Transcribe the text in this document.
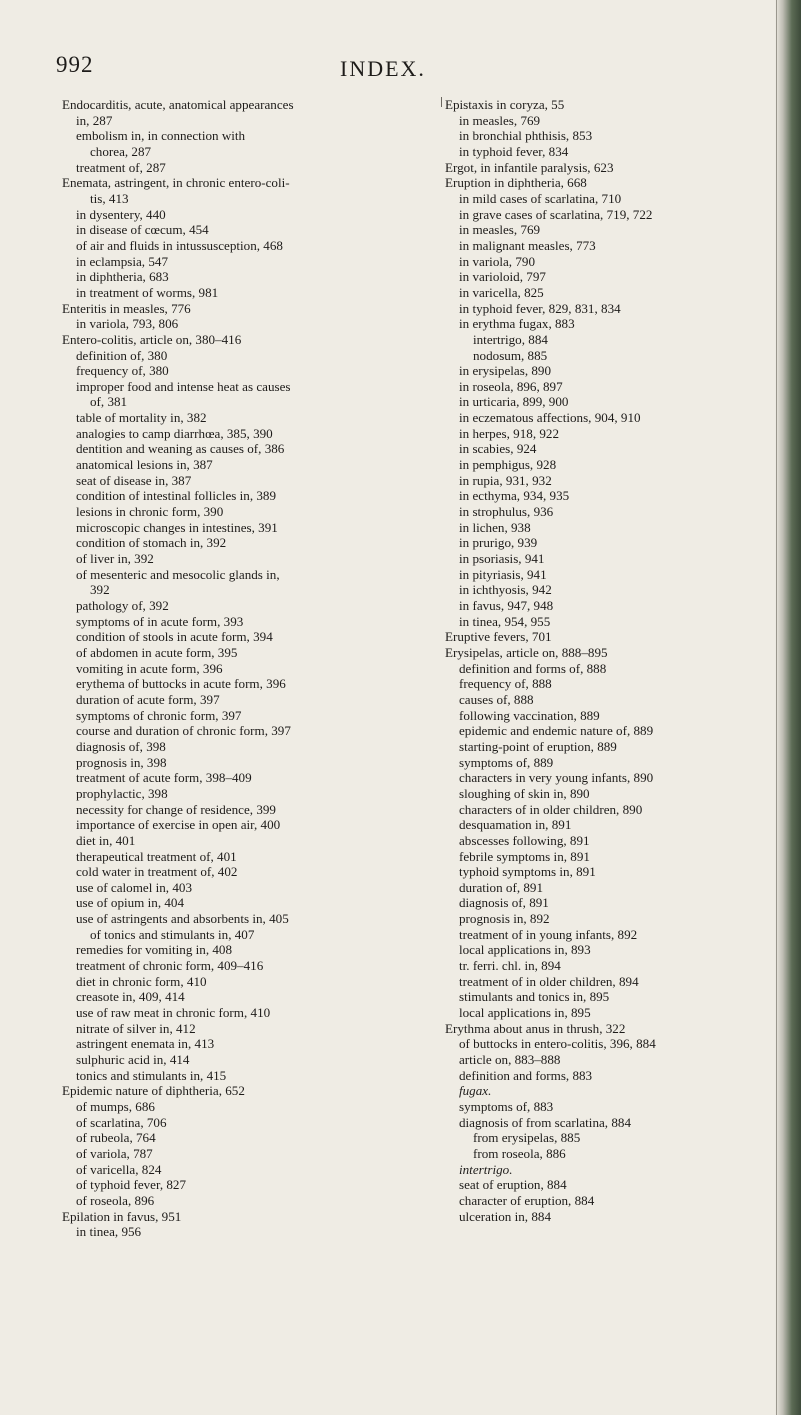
992	INDEX.
Endocarditis, acute, anatomical appearances
in, 287
embolism in, in connection with
chorea, 287
treatment of, 287
Enemata, astringent, in chronic entero-coli-
tis, 413
in dysentery, 440
in disease of cœcum, 454
of air and fluids in intussusception, 468
in eclampsia, 547
in diphtheria, 683
in treatment of worms, 981
Enteritis in measles, 776
in variola, 793, 806
Entero-colitis, article on, 380–416
definition of, 380
frequency of, 380
improper food and intense heat as causes
of, 381
table of mortality in, 382
analogies to camp diarrhœa, 385, 390
dentition and weaning as causes of, 386
anatomical lesions in, 387
seat of disease in, 387
condition of intestinal follicles in, 389
lesions in chronic form, 390
microscopic changes in intestines, 391
condition of stomach in, 392
of liver in, 392
of mesenteric and mesocolic glands in,
392
pathology of, 392
symptoms of in acute form, 393
condition of stools in acute form, 394
of abdomen in acute form, 395
vomiting in acute form, 396
erythema of buttocks in acute form, 396
duration of acute form, 397
symptoms of chronic form, 397
course and duration of chronic form, 397
diagnosis of, 398
prognosis in, 398
treatment of acute form, 398–409
prophylactic, 398
necessity for change of residence, 399
importance of exercise in open air, 400
diet in, 401
therapeutical treatment of, 401
cold water in treatment of, 402
use of calomel in, 403
use of opium in, 404
use of astringents and absorbents in, 405
of tonics and stimulants in, 407
remedies for vomiting in, 408
treatment of chronic form, 409–416
diet in chronic form, 410
creasote in, 409, 414
use of raw meat in chronic form, 410
nitrate of silver in, 412
astringent enemata in, 413
sulphuric acid in, 414
tonics and stimulants in, 415
Epidemic nature of diphtheria, 652
of mumps, 686
of scarlatina, 706
of rubeola, 764
of variola, 787
of varicella, 824
of typhoid fever, 827
of roseola, 896
Epilation in favus, 951
in tinea, 956
Epistaxis in coryza, 55
in measles, 769
in bronchial phthisis, 853
in typhoid fever, 834
Ergot, in infantile paralysis, 623
Eruption in diphtheria, 668
in mild cases of scarlatina, 710
in grave cases of scarlatina, 719, 722
in measles, 769
in malignant measles, 773
in variola, 790
in varioloid, 797
in varicella, 825
in typhoid fever, 829, 831, 834
in erythma fugax, 883
intertrigo, 884
nodosum, 885
in erysipelas, 890
in roseola, 896, 897
in urticaria, 899, 900
in eczematous affections, 904, 910
in herpes, 918, 922
in scabies, 924
in pemphigus, 928
in rupia, 931, 932
in ecthyma, 934, 935
in strophulus, 936
in lichen, 938
in prurigo, 939
in psoriasis, 941
in pityriasis, 941
in ichthyosis, 942
in favus, 947, 948
in tinea, 954, 955
Eruptive fevers, 701
Erysipelas, article on, 888–895
definition and forms of, 888
frequency of, 888
causes of, 888
following vaccination, 889
epidemic and endemic nature of, 889
starting-point of eruption, 889
symptoms of, 889
characters in very young infants, 890
sloughing of skin in, 890
characters of in older children, 890
desquamation in, 891
abscesses following, 891
febrile symptoms in, 891
typhoid symptoms in, 891
duration of, 891
diagnosis of, 891
prognosis in, 892
treatment of in young infants, 892
local applications in, 893
tr. ferri. chl. in, 894
treatment of in older children, 894
stimulants and tonics in, 895
local applications in, 895
Erythma about anus in thrush, 322
of buttocks in entero-colitis, 396, 884
article on, 883–888
definition and forms, 883
fugax.
symptoms of, 883
diagnosis of from scarlatina, 884
from erysipelas, 885
from roseola, 886
intertrigo.
seat of eruption, 884
character of eruption, 884
ulceration in, 884
